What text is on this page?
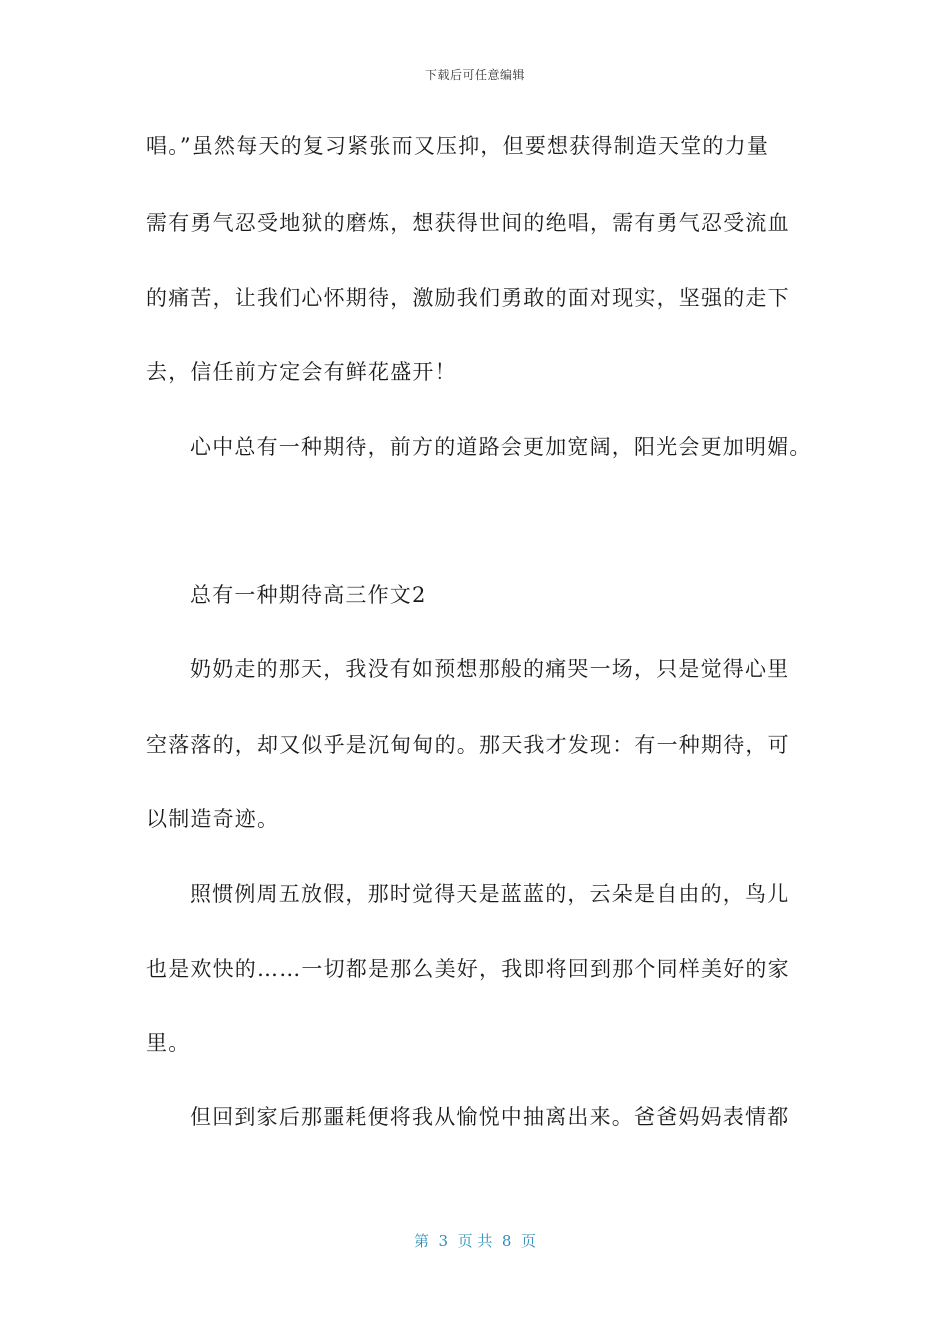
下载后可任意编辑
唱。”虽然每天的复习紧张而又压抑，但要想获得制造天堂的力量
需有勇气忍受地狱的磨炼，想获得世间的绝唱，需有勇气忍受流血
的痛苦，让我们心怀期待，激励我们勇敢的面对现实，坚强的走下
去，信任前方定会有鲜花盛开！
心中总有一种期待，前方的道路会更加宽阔，阳光会更加明媚。
总有一种期待高三作文2
奶奶走的那天，我没有如预想那般的痛哭一场，只是觉得心里
空落落的，却又似乎是沉甸甸的。那天我才发现：有一种期待，可
以制造奇迹。
照惯例周五放假，那时觉得天是蓝蓝的，云朵是自由的，鸟儿
也是欢快的……一切都是那么美好，我即将回到那个同样美好的家
里。
但回到家后那噩耗便将我从愉悦中抽离出来。爸爸妈妈表情都
第  3  页 共  8  页
